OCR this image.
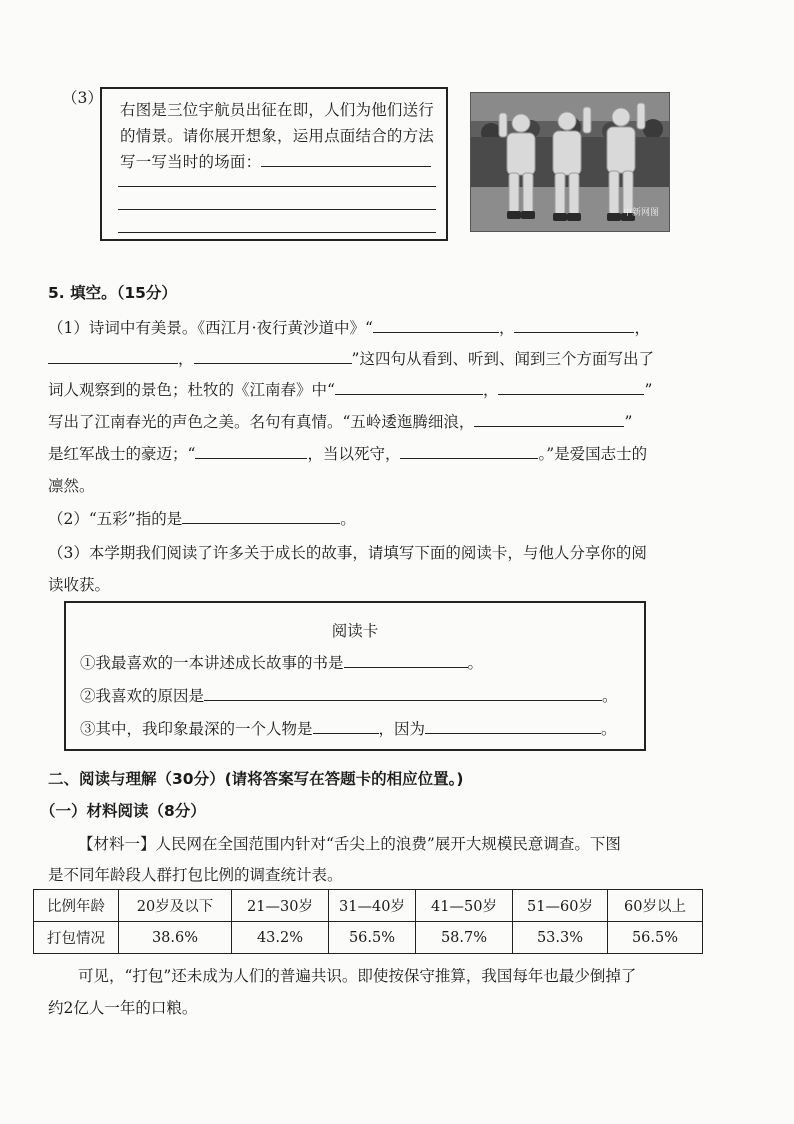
（3）
右图是三位宇航员出征在即，人们为他们送行
的情景。请你展开想象，运用点面结合的方法
写一写当时的场面：
中新网图
5. 填空。（15分）
（1）诗词中有美景。《西江月·夜行黄沙道中》“	，	，
，	”这四句从看到、听到、闻到三个方面写出了
词人观察到的景色；杜牧的《江南春》中“	，	”
写出了江南春光的声色之美。名句有真情。“五岭逶迤腾细浪，	”
是红军战士的豪迈；“	，当以死守，	。”是爱国志士的
凛然。
（2）“五彩”指的是	。
（3）本学期我们阅读了许多关于成长的故事，请填写下面的阅读卡，与他人分享你的阅
读收获。
阅读卡
①我最喜欢的一本讲述成长故事的书是	。
②我喜欢的原因是	。
③其中，我印象最深的一个人物是	，因为	。
二、阅读与理解（30分）(请将答案写在答题卡的相应位置。)
（一）材料阅读（8分）
【材料一】人民网在全国范围内针对“舌尖上的浪费”展开大规模民意调查。下图
是不同年龄段人群打包比例的调查统计表。
比例年龄	20岁及以下	21—30岁	31—40岁	41—50岁	51—60岁	60岁以上
打包情况	38.6%	43.2%	56.5%	58.7%	53.3%	56.5%
可见，“打包”还未成为人们的普遍共识。即使按保守推算，我国每年也最少倒掉了
约2亿人一年的口粮。
